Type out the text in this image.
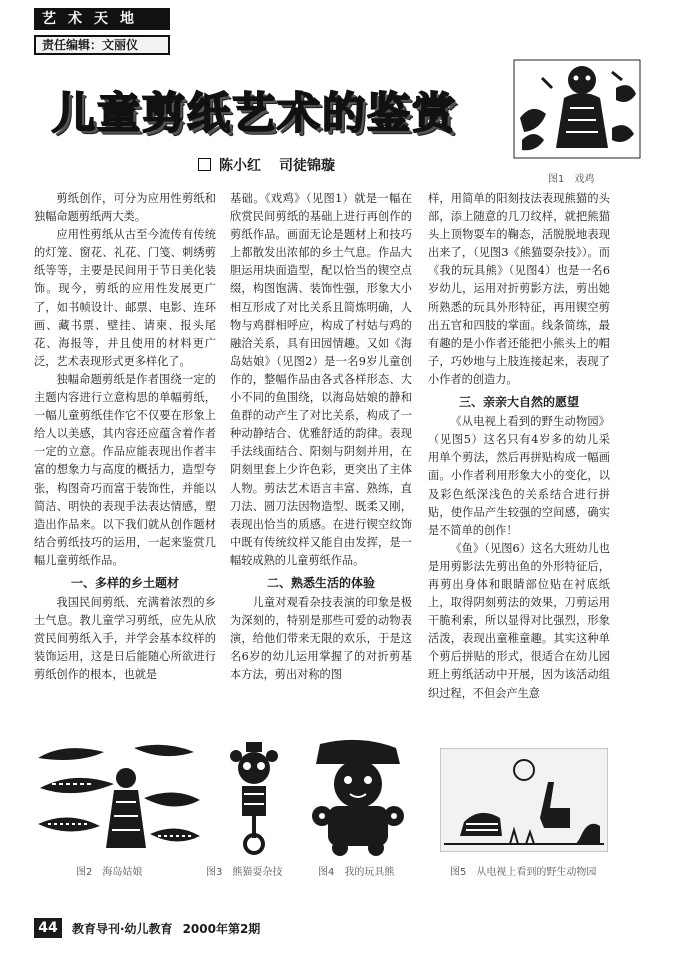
艺术天地
责任编辑：文丽仪
儿童剪纸艺术的鉴赏
陈小红 司徒锦璇
图1　戏鸡

剪纸创作，可分为应用性剪纸和独幅命题剪纸两大类。

应用性剪纸从古至今流传有传统的灯笼、窗花、礼花、门笺、刺绣剪纸等等，主要是民间用于节日美化装饰。现今，剪纸的应用性发展更广了，如书帧设计、邮票、电影、连环画、藏书票、壁挂、请柬、报头尾花、海报等，并且使用的材料更广泛，艺术表现形式更多样化了。

独幅命题剪纸是作者围绕一定的主题内容进行立意构思的单幅剪纸，一幅儿童剪纸佳作它不仅要在形象上给人以美感，其内容还应蕴含着作者一定的立意。作品应能表现出作者丰富的想象力与高度的概括力，造型夸张，构图奇巧而富于装饰性，并能以简洁、明快的表现手法表达情感，塑造出作品来。以下我们就从创作题材结合剪纸技巧的运用，一起来鉴赏几幅儿童剪纸作品。

一、多样的乡土题材

我国民间剪纸、充满着浓烈的乡土气息。教儿童学习剪纸，应先从欣赏民间剪纸入手，并学会基本纹样的装饰运用，这是日后能随心所欲进行剪纸创作的根本，也就是

基础。《戏鸡》（见图1）就是一幅在欣赏民间剪纸的基础上进行再创作的剪纸作品。画面无论是题材上和技巧上都散发出浓郁的乡土气息。作品大胆运用块面造型，配以恰当的锲空点缀，构图饱满、装饰性强，形象大小相互形成了对比关系且简炼明确，人物与鸡群相呼应，构成了村姑与鸡的融洽关系，具有田园情趣。又如《海岛姑娘》（见图2）是一名9岁儿童创作的，整幅作品由各式各样形态、大小不同的鱼围绕，以海岛姑娘的静和鱼群的动产生了对比关系，构成了一种动静结合、优雅舒适的韵律。表现手法线面结合、阳刻与阴刻并用，在阴刻里套上少许色彩，更突出了主体人物。剪法艺术语言丰富、熟练，直刀法、圆刀法因物造型、既柔又刚，表现出恰当的质感。在进行锲空纹饰中既有传统纹样又能自由发挥，是一幅较成熟的儿童剪纸作品。

二、熟悉生活的体验

儿童对观看杂技表演的印象是极为深刻的，特别是那些可爱的动物表演，给他们带来无限的欢乐，于是这名6岁的幼儿运用掌握了的对折剪基本方法，剪出对称的图

样，用简单的阳刻技法表现熊猫的头部，添上随意的几刀纹样，就把熊猫头上顶物耍车的鞠态，活脱脱地表现出来了，（见图3《熊猫耍杂技》）。而《我的玩具熊》（见图4）也是一名6岁幼儿，运用对折剪影方法，剪出她所熟悉的玩具外形特征，再用锲空剪出五官和四肢的掌面。线条简练，最有趣的是小作者还能把小熊头上的帽子，巧妙地与上肢连接起来，表现了小作者的创造力。

三、亲亲大自然的愿望

《从电视上看到的野生动物园》（见图5）这名只有4岁多的幼儿采用单个剪法，然后再拼贴构成一幅画面。小作者利用形象大小的变化，以及彩色纸深浅色的关系结合进行拼贴，使作品产生较强的空间感，确实是不简单的创作！

《鱼》（见图6）这名大班幼儿也是用剪影法先剪出鱼的外形特征后，再剪出身体和眼睛部位贴在衬底纸上，取得阴刻剪法的效果，刀剪运用干脆利索，所以显得对比强烈，形象活泼，表现出童稚童趣。其实这种单个剪后拼贴的形式，很适合在幼儿园班上剪纸活动中开展，因为该活动组织过程，不但会产生意

图2　海岛姑娘	图3　熊猫耍杂技	图4　我的玩具熊	图5　从电视上看到的野生动物园
44	教育导刊·幼儿教育 2000年第2期
